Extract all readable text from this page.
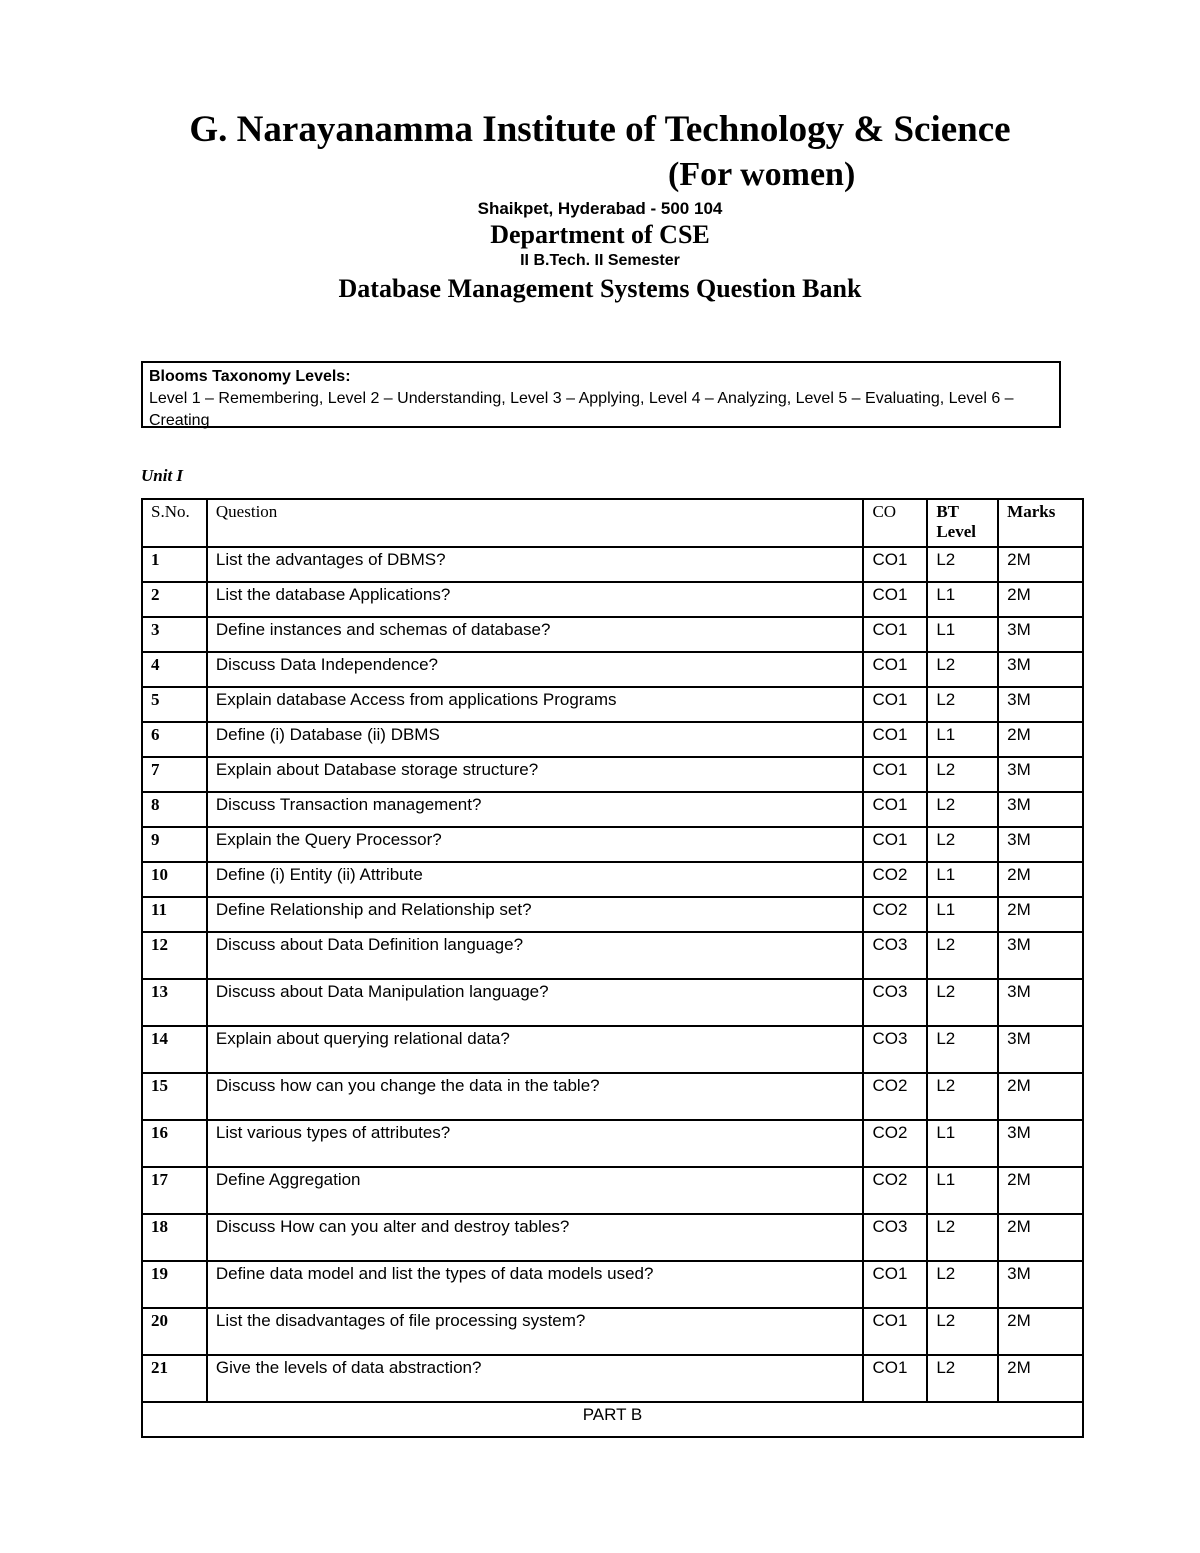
G. Narayanamma Institute of Technology & Science
(For women)
Shaikpet, Hyderabad - 500 104
Department of CSE
II B.Tech. II Semester
Database Management Systems Question Bank
Blooms Taxonomy Levels:
Level 1 – Remembering, Level 2 – Understanding, Level 3 – Applying, Level 4 – Analyzing, Level 5 – Evaluating, Level 6 – Creating
Unit I
S.No.	Question	CO	BT Level	Marks
1	List the advantages of DBMS?	CO1	L2	2M
2	List the database Applications?	CO1	L1	2M
3	Define instances and schemas of database?	CO1	L1	3M
4	Discuss Data Independence?	CO1	L2	3M
5	Explain database Access from applications Programs	CO1	L2	3M
6	Define (i) Database (ii) DBMS	CO1	L1	2M
7	Explain about Database storage structure?	CO1	L2	3M
8	Discuss Transaction management?	CO1	L2	3M
9	Explain the Query Processor?	CO1	L2	3M
10	Define (i) Entity (ii) Attribute	CO2	L1	2M
11	Define Relationship and Relationship set?	CO2	L1	2M
12	Discuss about Data Definition language?	CO3	L2	3M
13	Discuss about Data Manipulation language?	CO3	L2	3M
14	Explain about querying relational data?	CO3	L2	3M
15	Discuss how can you change the data in the table?	CO2	L2	2M
16	List various types of attributes?	CO2	L1	3M
17	Define Aggregation	CO2	L1	2M
18	Discuss How can you alter and destroy tables?	CO3	L2	2M
19	Define data model and list the types of data models used?	CO1	L2	3M
20	List the disadvantages of file processing system?	CO1	L2	2M
21	Give the levels of data abstraction?	CO1	L2	2M
PART B				
